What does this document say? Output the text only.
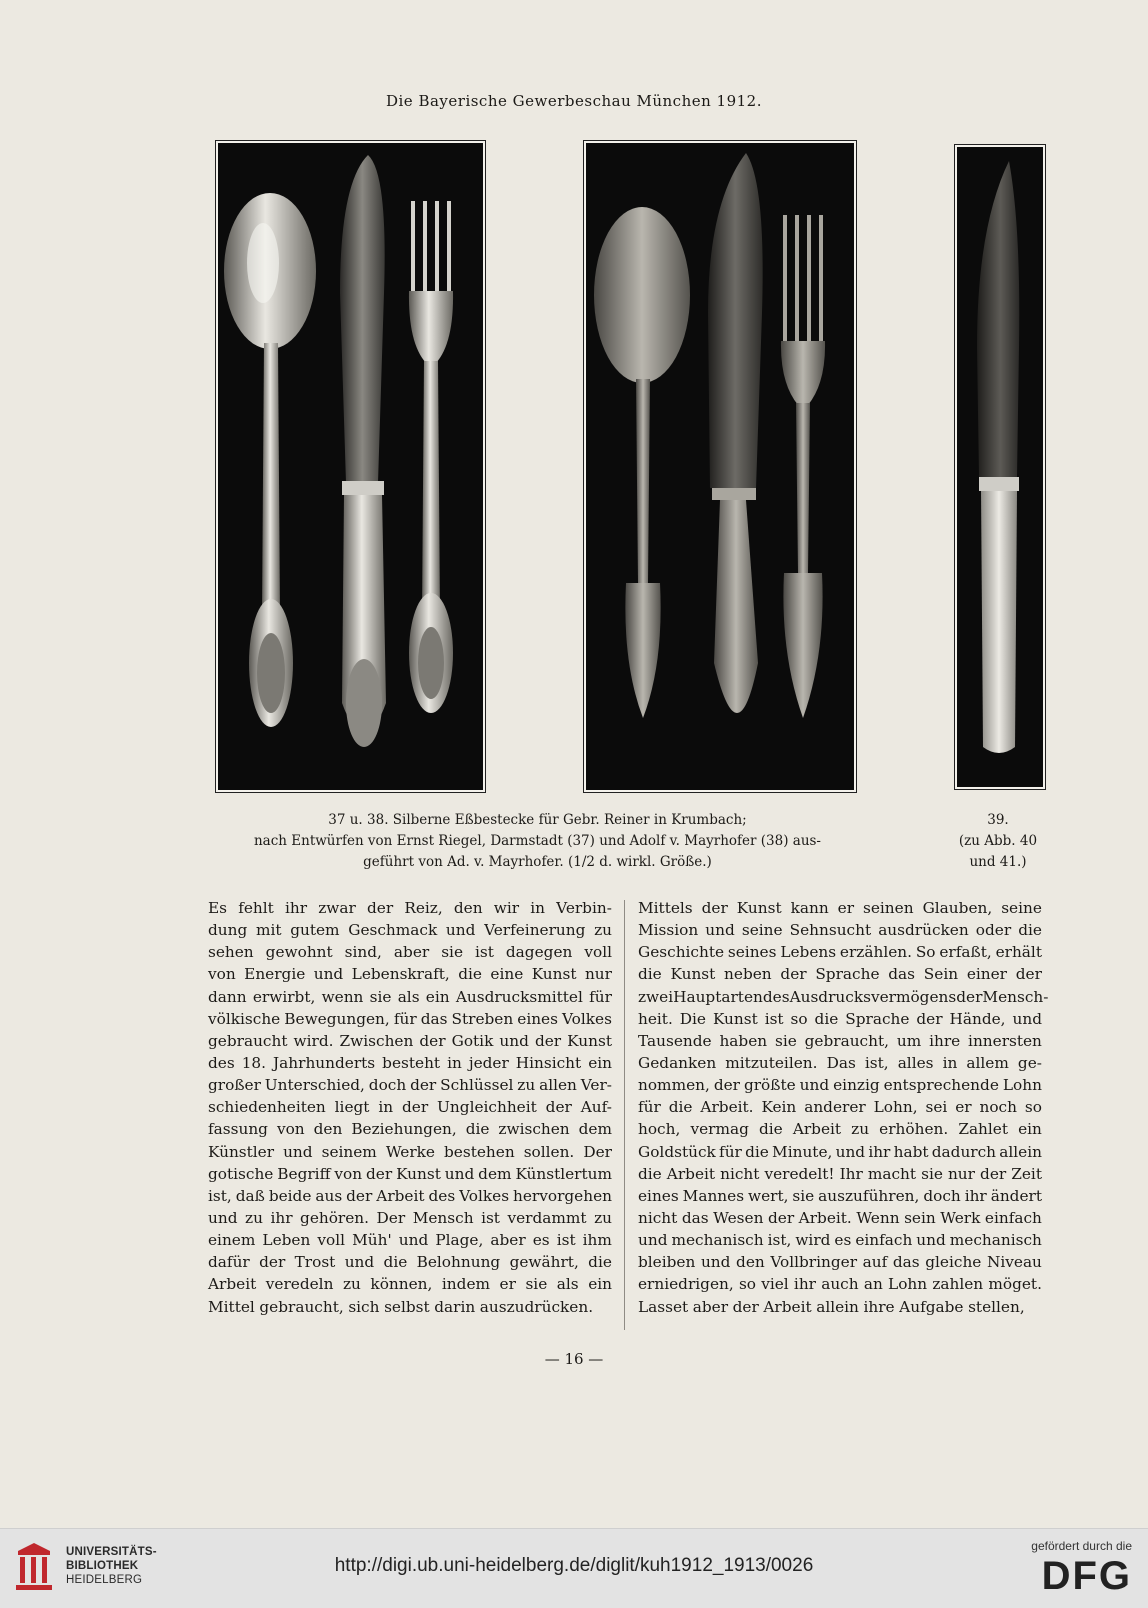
Die Bayerische Gewerbeschau München 1912.
37 u. 38. Silberne Eßbestecke für Gebr. Reiner in Krumbach;
nach Entwürfen von Ernst Riegel, Darmstadt (37) und Adolf v. Mayrhofer (38) aus-
geführt von Ad. v. Mayrhofer. (1/2 d. wirkl. Größe.)
39.
(zu Abb. 40
und 41.)
Es fehlt ihr zwar der Reiz, den wir in Verbin-
dung mit gutem Geschmack und Verfeinerung zu
sehen gewohnt sind, aber sie ist dagegen voll
von Energie und Lebenskraft, die eine Kunst nur
dann erwirbt, wenn sie als ein Ausdrucksmittel für
völkische Bewegungen, für das Streben eines Volkes
gebraucht wird. Zwischen der Gotik und der Kunst
des 18. Jahrhunderts besteht in jeder Hinsicht ein
großer Unterschied, doch der Schlüssel zu allen Ver-
schiedenheiten liegt in der Ungleichheit der Auf-
fassung von den Beziehungen, die zwischen dem
Künstler und seinem Werke bestehen sollen. Der
gotische Begriff von der Kunst und dem Künstlertum
ist, daß beide aus der Arbeit des Volkes hervorgehen
und zu ihr gehören. Der Mensch ist verdammt zu
einem Leben voll Müh' und Plage, aber es ist ihm
dafür der Trost und die Belohnung gewährt, die
Arbeit veredeln zu können, indem er sie als ein
Mittel gebraucht, sich selbst darin auszudrücken.
Mittels der Kunst kann er seinen Glauben, seine
Mission und seine Sehnsucht ausdrücken oder die
Geschichte seines Lebens erzählen. So erfaßt, erhält
die Kunst neben der Sprache das Sein einer der
zwei Hauptarten des Ausdrucksvermögens der Mensch-
heit. Die Kunst ist so die Sprache der Hände, und
Tausende haben sie gebraucht, um ihre innersten
Gedanken mitzuteilen. Das ist, alles in allem ge-
nommen, der größte und einzig entsprechende Lohn
für die Arbeit. Kein anderer Lohn, sei er noch so
hoch, vermag die Arbeit zu erhöhen. Zahlet ein
Goldstück für die Minute, und ihr habt dadurch allein
die Arbeit nicht veredelt! Ihr macht sie nur der Zeit
eines Mannes wert, sie auszuführen, doch ihr ändert
nicht das Wesen der Arbeit. Wenn sein Werk einfach
und mechanisch ist, wird es einfach und mechanisch
bleiben und den Vollbringer auf das gleiche Niveau
erniedrigen, so viel ihr auch an Lohn zahlen möget.
Lasset aber der Arbeit allein ihre Aufgabe stellen,
— 16 —
UNIVERSITÄTS-
BIBLIOTHEK
HEIDELBERG
http://digi.ub.uni-heidelberg.de/diglit/kuh1912_1913/0026
gefördert durch die
DFG
